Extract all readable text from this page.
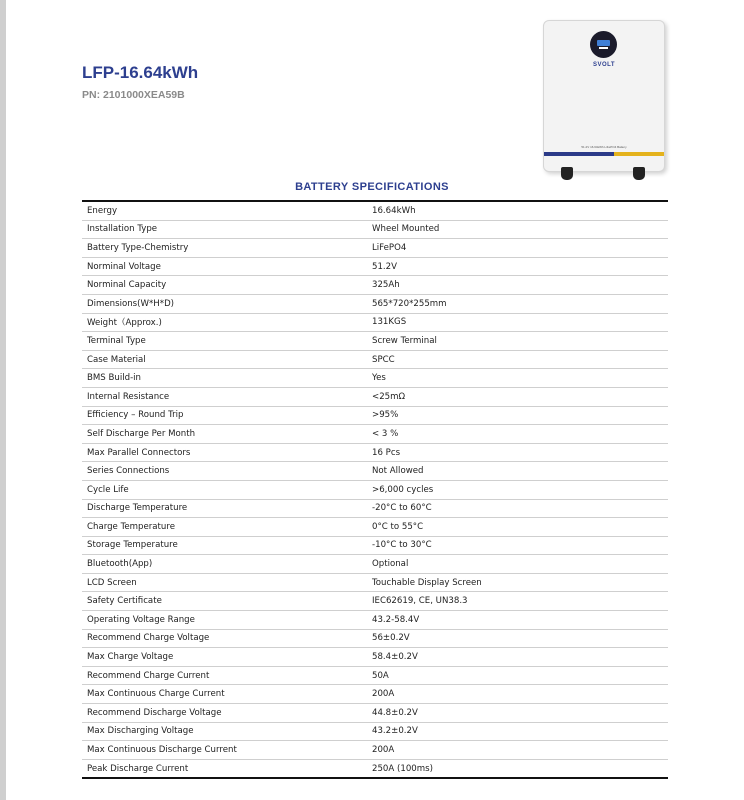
LFP-16.64kWh
PN: 2101000XEA59B
SVOLT
51.2V 16.64kWh LiFePO4 Battery
BATTERY SPECIFICATIONS
Energy	16.64kWh
Installation Type	Wheel Mounted
Battery Type-Chemistry	LiFePO4
Norminal Voltage	51.2V
Norminal Capacity	325Ah
Dimensions(W*H*D)	565*720*255mm
Weight（Approx.)	131KGS
Terminal Type	Screw Terminal
Case Material	SPCC
BMS Build-in	Yes
Internal Resistance	<25mΩ
Efficiency – Round Trip	>95%
Self Discharge Per Month	< 3 %
Max Parallel Connectors	16 Pcs
Series Connections	Not Allowed
Cycle Life	>6,000 cycles
Discharge Temperature	-20°C to 60°C
Charge Temperature	0°C to 55°C
Storage Temperature	-10°C to 30°C
Bluetooth(App)	Optional
LCD Screen	Touchable Display Screen
Safety Certificate	IEC62619, CE, UN38.3
Operating Voltage Range	43.2-58.4V
Recommend Charge Voltage	56±0.2V
Max Charge Voltage	58.4±0.2V
Recommend Charge Current	50A
Max Continuous Charge Current	200A
Recommend Discharge Voltage	44.8±0.2V
Max Discharging Voltage	43.2±0.2V
Max Continuous Discharge Current	200A
Peak Discharge Current	250A (100ms)
